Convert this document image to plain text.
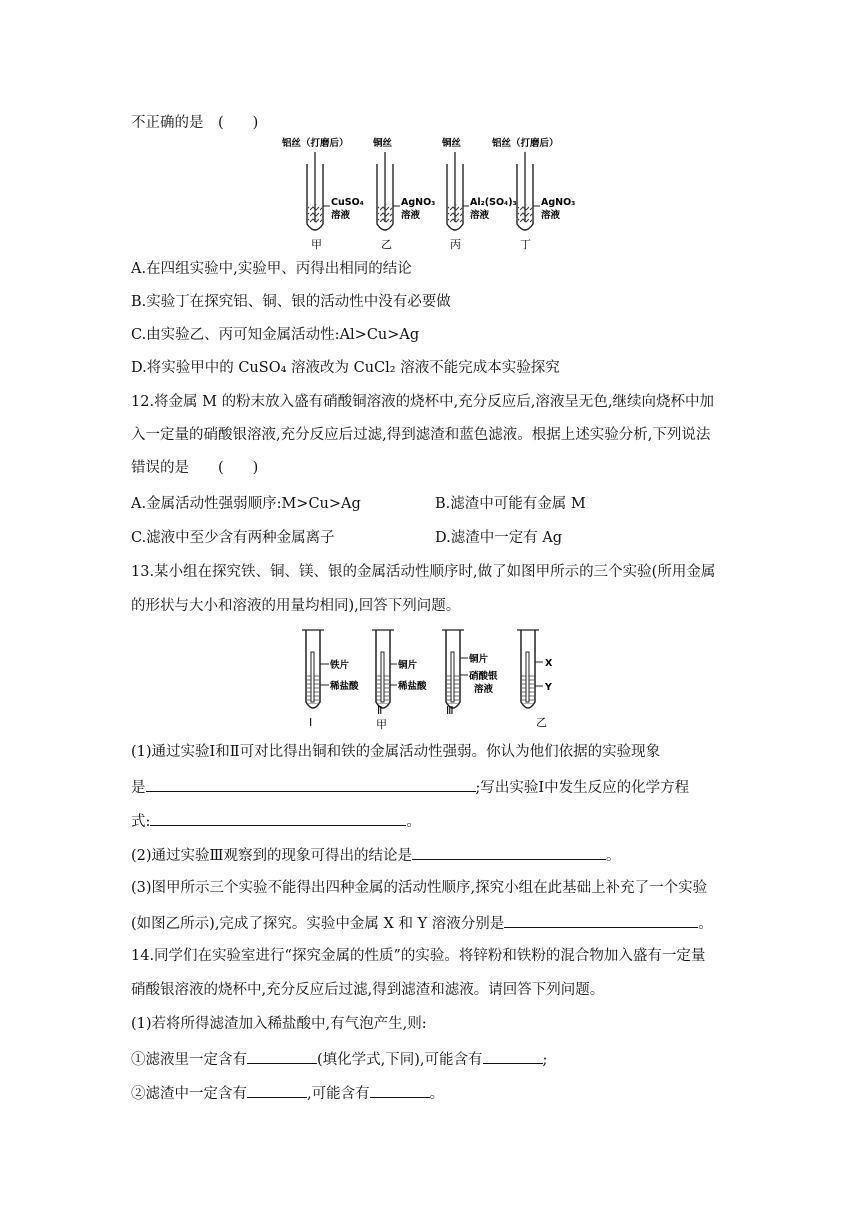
不正确的是　(　　)
铝丝（打磨后）
CuSO₄
溶液
甲
铜丝
AgNO₃
溶液
乙
铜丝
Al₂(SO₄)₃
溶液
丙
铝丝（打磨后）
AgNO₃
溶液
丁
A.在四组实验中,实验甲、丙得出相同的结论
B.实验丁在探究铝、铜、银的活动性中没有必要做
C.由实验乙、丙可知金属活动性:Al>Cu>Ag
D.将实验甲中的 CuSO₄ 溶液改为 CuCl₂ 溶液不能完成本实验探究
12.将金属 M 的粉末放入盛有硝酸铜溶液的烧杯中,充分反应后,溶液呈无色,继续向烧杯中加
入一定量的硝酸银溶液,充分反应后过滤,得到滤渣和蓝色滤液。根据上述实验分析,下列说法
错误的是　　(　　)
A.金属活动性强弱顺序:M>Cu>Ag	B.滤渣中可能有金属 M
C.滤液中至少含有两种金属离子	D.滤渣中一定有 Ag
13.某小组在探究铁、铜、镁、银的金属活动性顺序时,做了如图甲所示的三个实验(所用金属
的形状与大小和溶液的用量均相同),回答下列问题。
铁片
稀盐酸
Ⅰ
铜片
稀盐酸
Ⅱ
甲
铜片
硝酸银
溶液
Ⅲ
X
Y
乙
(1)通过实验Ⅰ和Ⅱ可对比得出铜和铁的金属活动性强弱。你认为他们依据的实验现象
是	;写出实验Ⅰ中发生反应的化学方程
式:	。
(2)通过实验Ⅲ观察到的现象可得出的结论是	。
(3)图甲所示三个实验不能得出四种金属的活动性顺序,探究小组在此基础上补充了一个实验
(如图乙所示),完成了探究。实验中金属 X 和 Y 溶液分别是	。
14.同学们在实验室进行“探究金属的性质”的实验。将锌粉和铁粉的混合物加入盛有一定量
硝酸银溶液的烧杯中,充分反应后过滤,得到滤渣和滤液。请回答下列问题。
(1)若将所得滤渣加入稀盐酸中,有气泡产生,则:
①滤液里一定含有	(填化学式,下同),可能含有	;
②滤渣中一定含有	,可能含有	。
